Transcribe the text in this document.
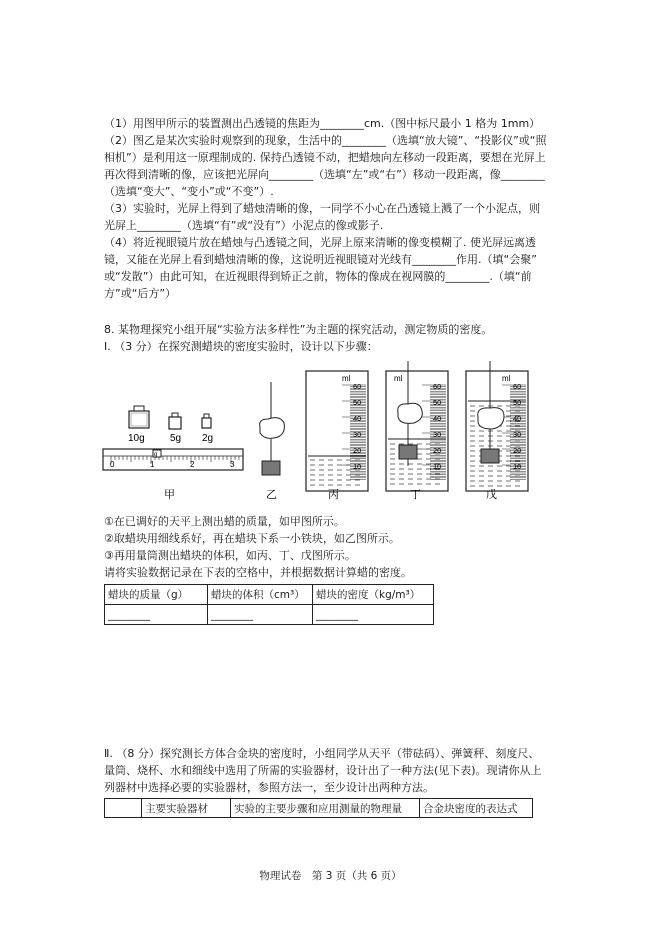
（1）用图甲所示的装置测出凸透镜的焦距为________cm.（图中标尺最小 1 格为 1mm）
（2）图乙是某次实验时观察到的现象，生活中的________（选填“放大镜”、“投影仪”或“照
相机”）是利用这一原理制成的. 保持凸透镜不动，把蜡烛向左移动一段距离，要想在光屏上
再次得到清晰的像，应该把光屏向________（选填“左”或“右”）移动一段距离，像________
（选填“变大”、“变小”或“不变”）.
（3）实验时，光屏上得到了蜡烛清晰的像，一同学不小心在凸透镜上溅了一个小泥点，则
光屏上________（选填“有”或“没有”）小泥点的像或影子.
（4）将近视眼镜片放在蜡烛与凸透镜之间，光屏上原来清晰的像变模糊了. 使光屏远离透
镜，又能在光屏上看到蜡烛清晰的像，这说明近视眼镜对光线有________作用.（填“会聚”
或“发散”）由此可知，在近视眼得到矫正之前，物体的像成在视网膜的________.（填“前
方”或“后方”）
8. 某物理探究小组开展“实验方法多样性”为主题的探究活动，测定物质的密度。
Ⅰ. （3 分）在探究测蜡块的密度实验时，设计以下步骤：
10g	5g 2g
g
0	1	2	3
甲	乙
ml
60
50
40
30
20
10
丙
ml
60
50
40
30
20
10
丁
ml
60
50
40
30
20
10
戊
①在已调好的天平上测出蜡的质量，如甲图所示。
②取蜡块用细线系好，再在蜡块下系一小铁块，如乙图所示。
③再用量筒测出蜡块的体积，如丙、丁、戊图所示。
请将实验数据记录在下表的空格中，并根据数据计算蜡的密度。
蜡块的质量（g）	蜡块的体积（cm³）	蜡块的密度（kg/m³）
________	________	________
Ⅱ. （8 分）探究测长方体合金块的密度时，小组同学从天平（带砝码）、弹簧秤、刻度尺、
量筒、烧杯、水和细线中选用了所需的实验器材，设计出了一种方法(见下表)。现请你从上
列器材中选择必要的实验器材，参照方法一，至少设计出两种方法。
	主要实验器材	实验的主要步骤和应用测量的物理量	合金块密度的表达式
物理试卷　第 3 页（共 6 页）
